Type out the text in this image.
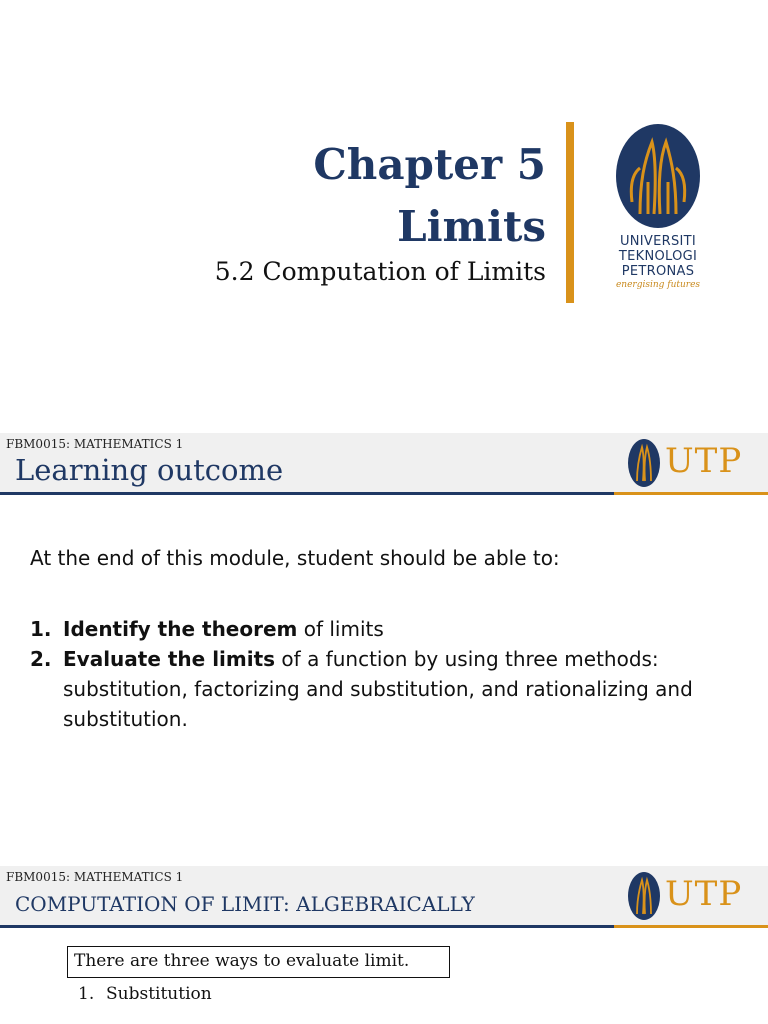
Chapter 5
Limits
5.2 Computation of Limits
UNIVERSITI
TEKNOLOGI
PETRONAS
energising futures
FBM0015: MATHEMATICS 1
Learning outcome	UTP
At the end of this module, student should be able to:
1. Identify the theorem of limits
2. Evaluate the limits of a function by using three methods: substitution, factorizing and substitution, and rationalizing and substitution.
FBM0015: MATHEMATICS 1
COMPUTATION OF LIMIT: ALGEBRAICALLY	UTP
There are three ways to evaluate limit.
1. Substitution
